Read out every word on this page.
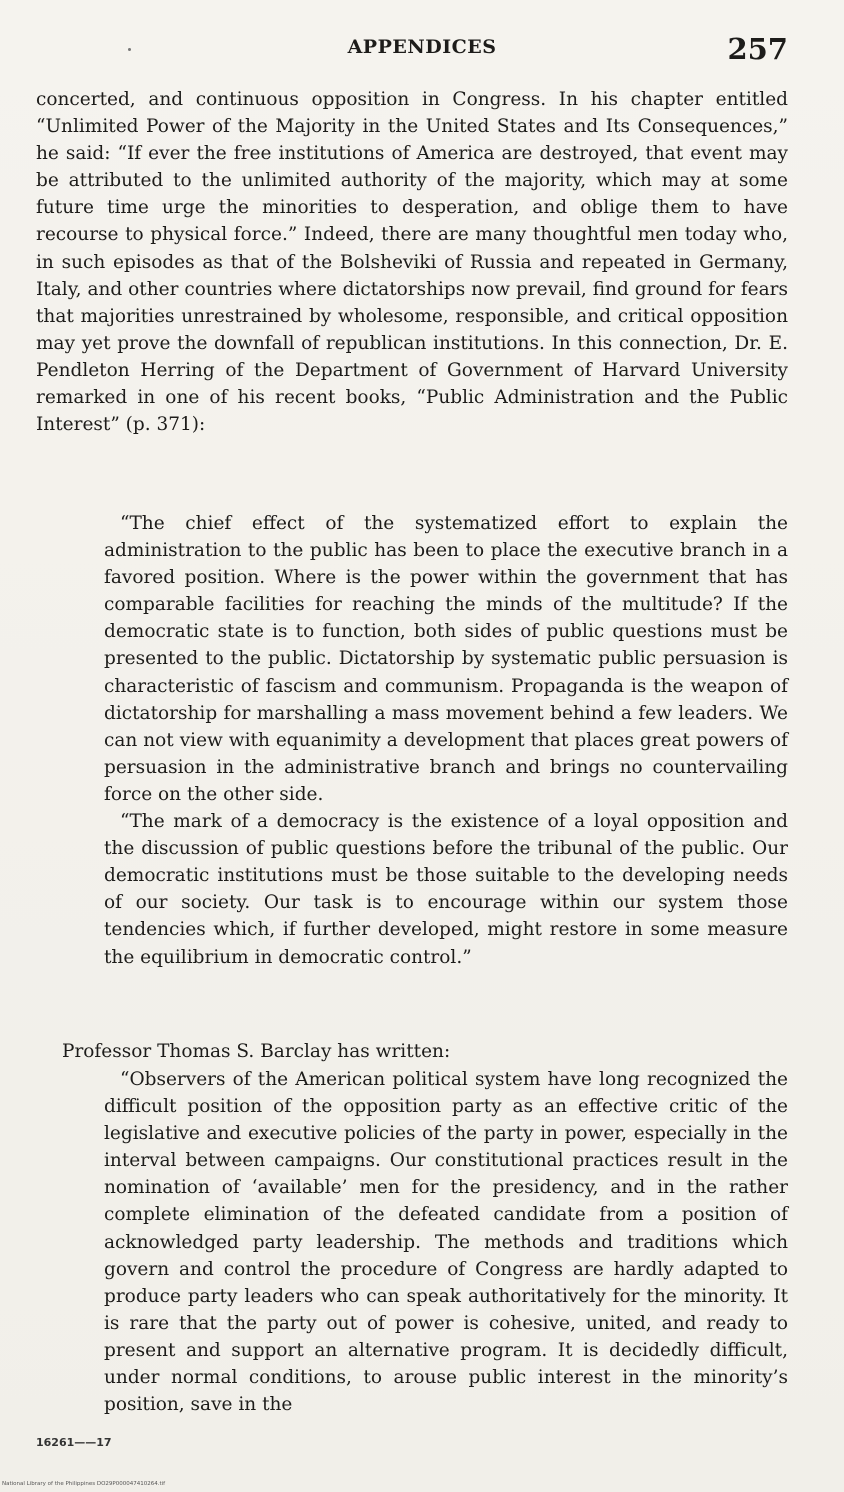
APPENDICES	257

concerted, and continuous opposition in Congress. In his chapter entitled “Unlimited Power of the Majority in the United States and Its Consequences,” he said: “If ever the free institutions of America are destroyed, that event may be attributed to the unlimited authority of the majority, which may at some future time urge the minorities to desperation, and oblige them to have recourse to physical force.” Indeed, there are many thoughtful men today who, in such episodes as that of the Bolsheviki of Russia and repeated in Germany, Italy, and other countries where dictatorships now prevail, find ground for fears that majorities unrestrained by wholesome, responsible, and critical opposition may yet prove the downfall of republican institutions. In this connection, Dr. E. Pendleton Herring of the Department of Government of Harvard University remarked in one of his recent books, “Public Administration and the Public Interest” (p. 371):

“The chief effect of the systematized effort to explain the administration to the public has been to place the executive branch in a favored position. Where is the power within the government that has comparable facilities for reaching the minds of the multitude? If the democratic state is to function, both sides of public questions must be presented to the public. Dictatorship by systematic public persuasion is characteristic of fascism and communism. Propaganda is the weapon of dictatorship for marshalling a mass movement behind a few leaders. We can not view with equanimity a development that places great powers of persuasion in the administrative branch and brings no countervailing force on the other side.

“The mark of a democracy is the existence of a loyal opposition and the discussion of public questions before the tribunal of the public. Our democratic institutions must be those suitable to the developing needs of our society. Our task is to encourage within our system those tendencies which, if further developed, might restore in some measure the equilibrium in democratic control.”

Professor Thomas S. Barclay has written:

“Observers of the American political system have long recognized the difficult position of the opposition party as an effective critic of the legislative and executive policies of the party in power, especially in the interval between campaigns. Our constitutional practices result in the nomination of ‘available’ men for the presidency, and in the rather complete elimination of the defeated candidate from a position of acknowledged party leadership. The methods and traditions which govern and control the procedure of Congress are hardly adapted to produce party leaders who can speak authoritatively for the minority. It is rare that the party out of power is cohesive, united, and ready to present and support an alternative program. It is decidedly difficult, under normal conditions, to arouse public interest in the minority’s position, save in the

16261——17
National Library of the Philippines DO29P000047410264.tif
